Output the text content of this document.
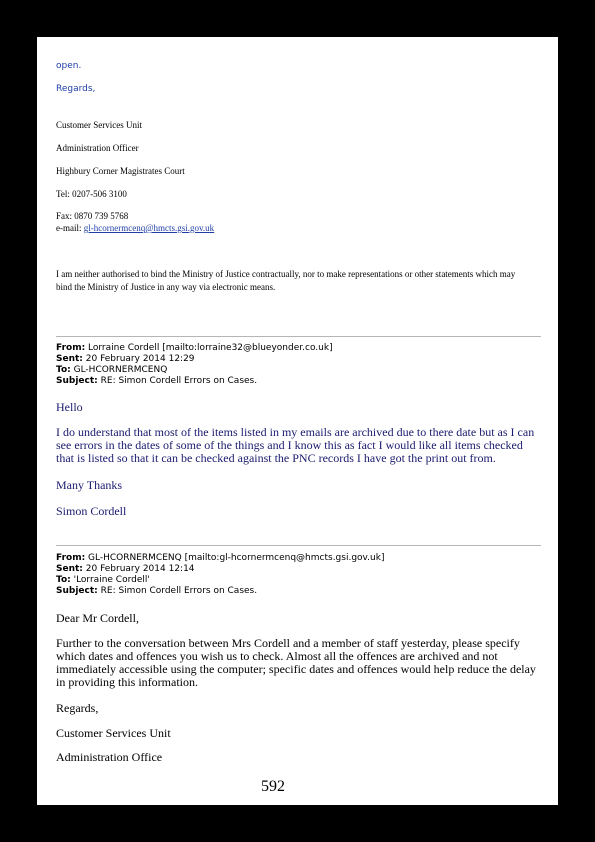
open.
Regards,
Customer Services Unit
Administration Officer
Highbury Corner Magistrates Court
Tel: 0207-506 3100
Fax: 0870 739 5768
e-mail: gl-hcornermcenq@hmcts.gsi.gov.uk
I am neither authorised to bind the Ministry of Justice contractually, nor to make representations or other statements which may bind the Ministry of Justice in any way via electronic means.
From: Lorraine Cordell [mailto:lorraine32@blueyonder.co.uk]
Sent: 20 February 2014 12:29
To: GL-HCORNERMCENQ
Subject: RE: Simon Cordell Errors on Cases.
Hello
I do understand that most of the items listed in my emails are archived due to there date but as I can see errors in the dates of some of the things and I know this as fact I would like all items checked that is listed so that it can be checked against the PNC records I have got the print out from.
Many Thanks
Simon Cordell
From: GL-HCORNERMCENQ [mailto:gl-hcornermcenq@hmcts.gsi.gov.uk]
Sent: 20 February 2014 12:14
To: 'Lorraine Cordell'
Subject: RE: Simon Cordell Errors on Cases.
Dear Mr Cordell,
Further to the conversation between Mrs Cordell and a member of staff yesterday, please specify which dates and offences you wish us to check. Almost all the offences are archived and not immediately accessible using the computer; specific dates and offences would help reduce the delay in providing this information.
Regards,
Customer Services Unit
Administration Office
592
